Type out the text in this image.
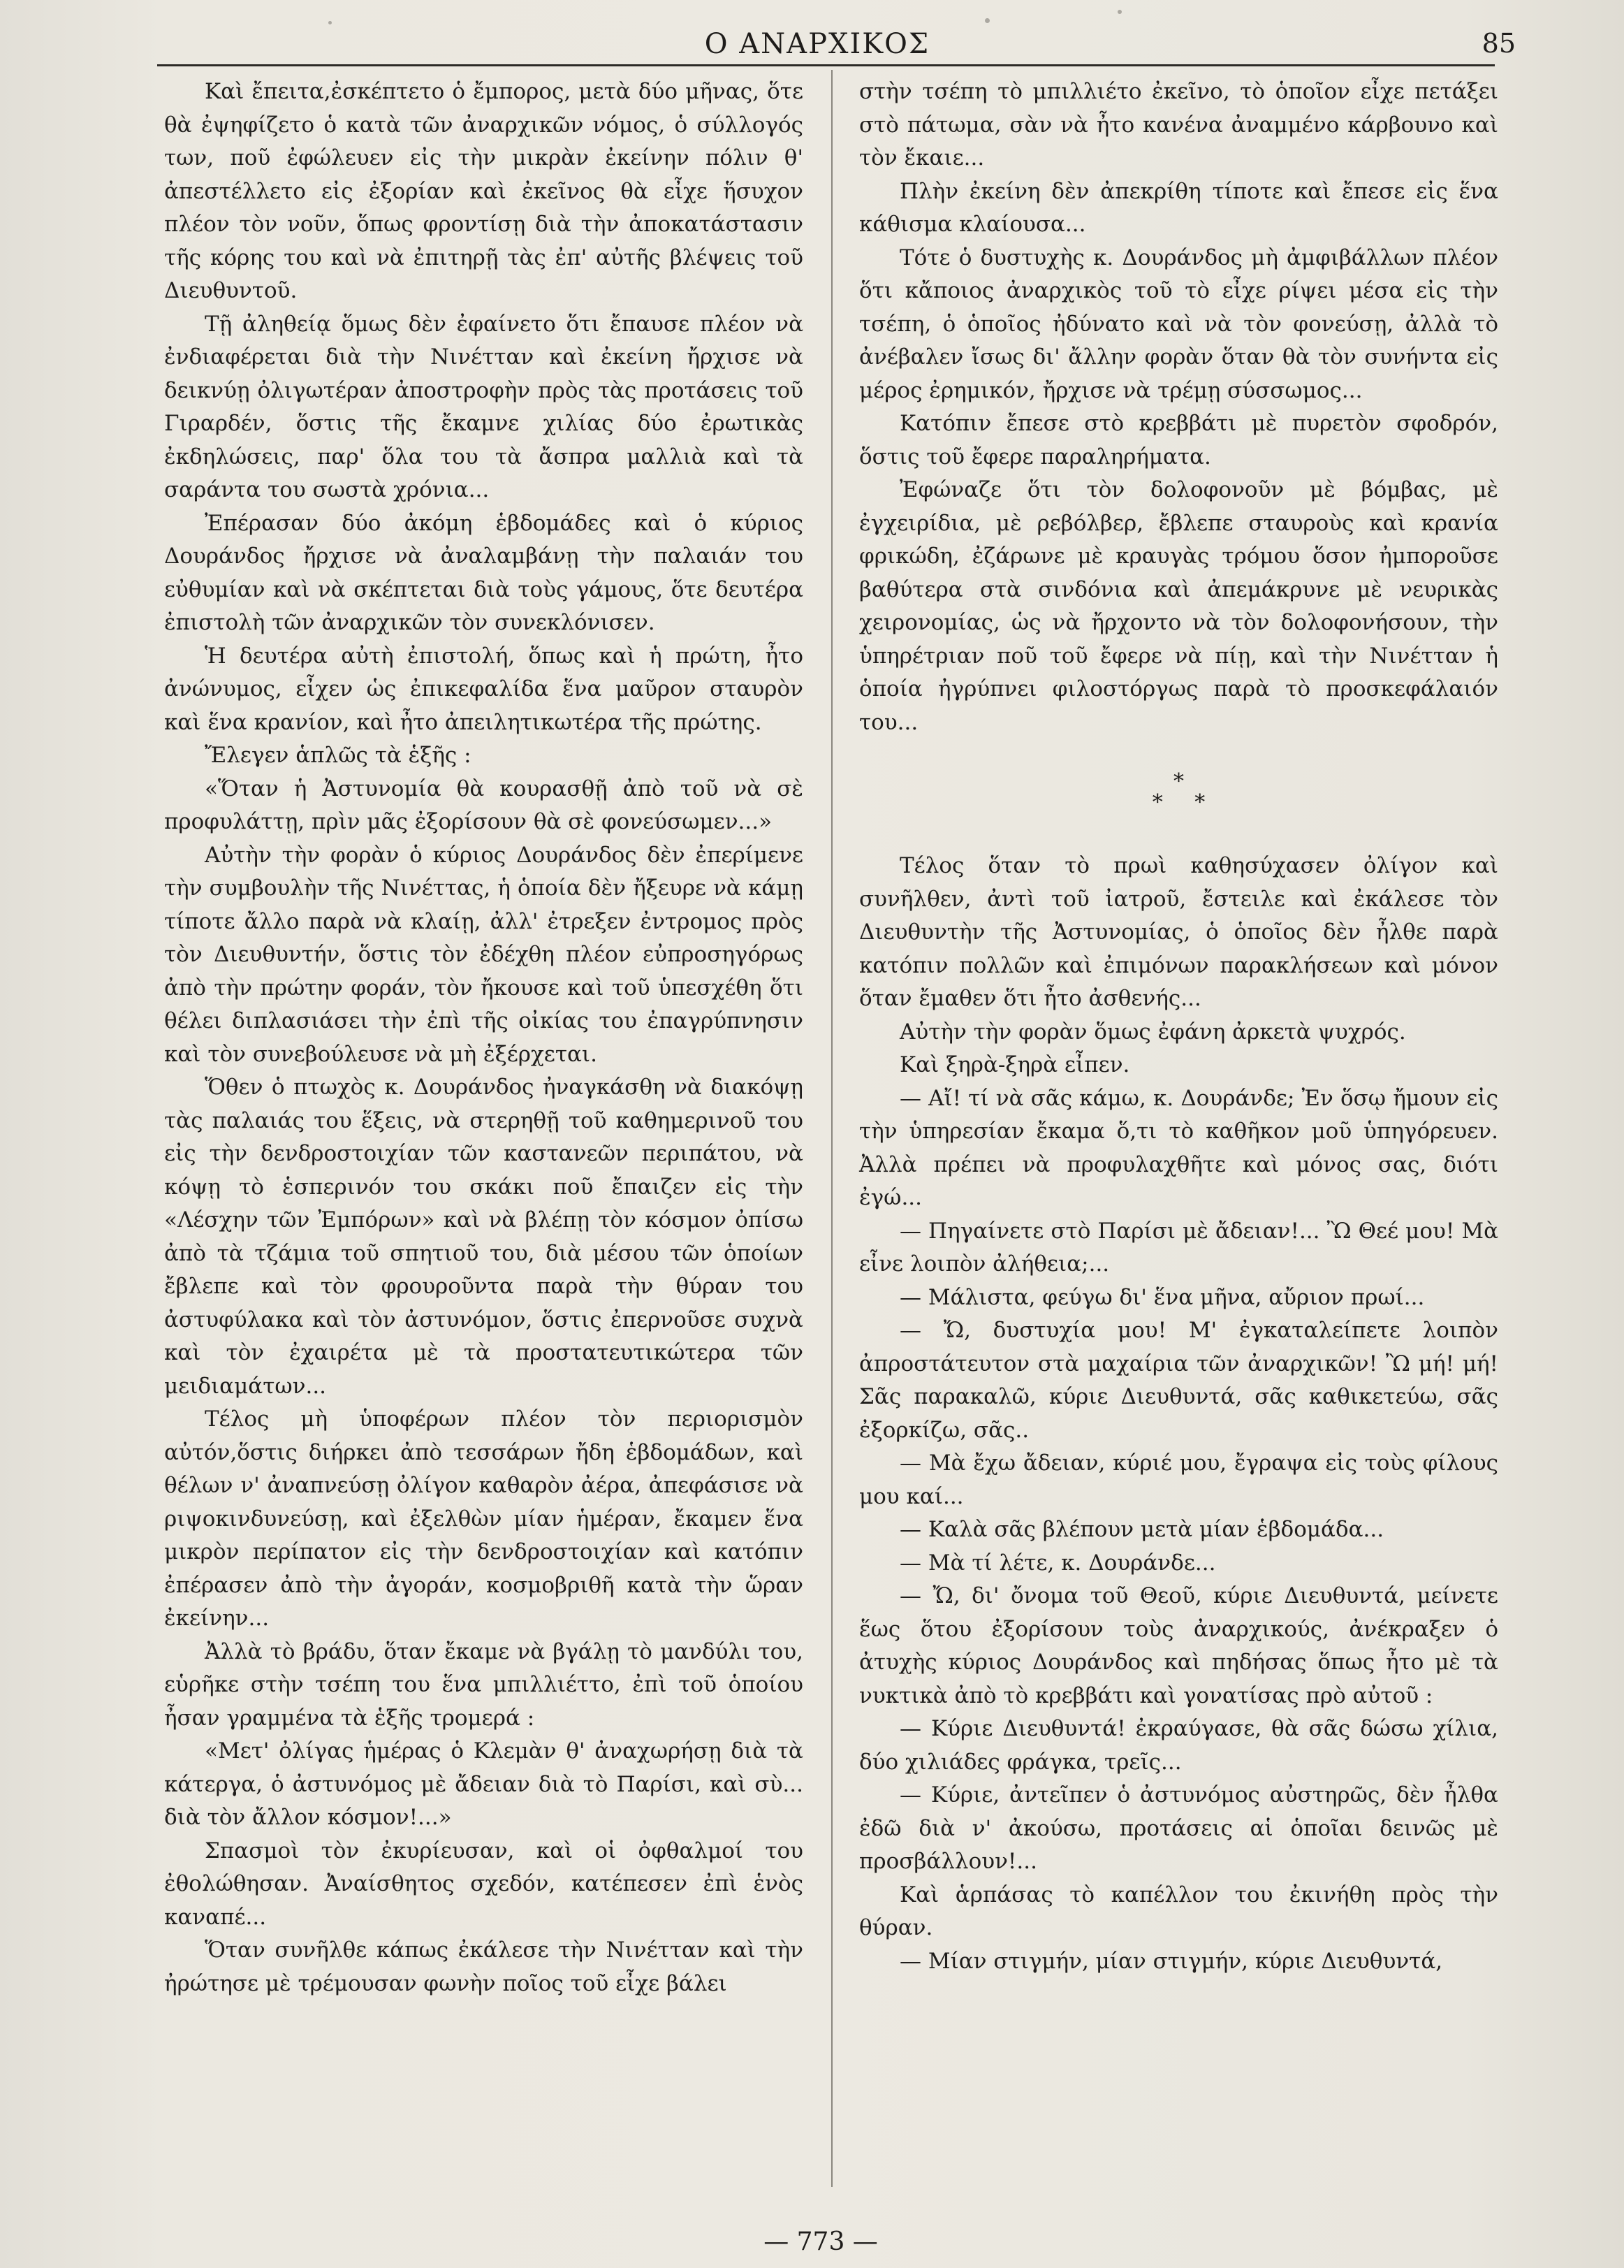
Ο ΑΝΑΡΧΙΚΟΣ	85

Καὶ ἔπειτα,ἐσκέπτετο ὁ ἔμπορος, μετὰ δύο μῆνας, ὅτε θὰ ἐψηφίζετο ὁ κατὰ τῶν ἀναρχικῶν νόμος, ὁ σύλλογός των, ποῦ ἐφώλευεν εἰς τὴν μικρὰν ἐκείνην πόλιν θ' ἀπεστέλλετο εἰς ἐξορίαν καὶ ἐκεῖνος θὰ εἶχε ἥσυχον πλέον τὸν νοῦν, ὅπως φροντίσῃ διὰ τὴν ἀποκατάστασιν τῆς κόρης του καὶ νὰ ἐπιτηρῇ τὰς ἐπ' αὐτῆς βλέψεις τοῦ Διευθυντοῦ.

Τῇ ἀληθείᾳ ὅμως δὲν ἐφαίνετο ὅτι ἔπαυσε πλέον νὰ ἐνδιαφέρεται διὰ τὴν Νινέτταν καὶ ἐκείνη ἤρχισε νὰ δεικνύῃ ὀλιγωτέραν ἀποστροφὴν πρὸς τὰς προτάσεις τοῦ Γιραρδέν, ὅστις τῆς ἔκαμνε χιλίας δύο ἐρωτικὰς ἐκδηλώσεις, παρ' ὅλα του τὰ ἄσπρα μαλλιὰ καὶ τὰ σαράντα του σωστὰ χρόνια...

Ἐπέρασαν δύο ἀκόμη ἑβδομάδες καὶ ὁ κύριος Δουράνδος ἤρχισε νὰ ἀναλαμβάνῃ τὴν παλαιάν του εὐθυμίαν καὶ νὰ σκέπτεται διὰ τοὺς γάμους, ὅτε δευτέρα ἐπιστολὴ τῶν ἀναρχικῶν τὸν συνεκλόνισεν.

Ἡ δευτέρα αὐτὴ ἐπιστολή, ὅπως καὶ ἡ πρώτη, ἦτο ἀνώνυμος, εἶχεν ὡς ἐπικεφαλίδα ἕνα μαῦρον σταυρὸν καὶ ἕνα κρανίον, καὶ ἦτο ἀπειλητικωτέρα τῆς πρώτης.

Ἔλεγεν ἁπλῶς τὰ ἑξῆς :

«Ὅταν ἡ Ἀστυνομία θὰ κουρασθῇ ἀπὸ τοῦ νὰ σὲ προφυλάττῃ, πρὶν μᾶς ἐξορίσουν θὰ σὲ φονεύσωμεν...»

Αὐτὴν τὴν φορὰν ὁ κύριος Δουράνδος δὲν ἐπερίμενε τὴν συμβουλὴν τῆς Νινέττας, ἡ ὁποία δὲν ἤξευρε νὰ κάμῃ τίποτε ἄλλο παρὰ νὰ κλαίῃ, ἀλλ' ἐτρεξεν ἐντρομος πρὸς τὸν Διευθυντήν, ὅστις τὸν ἐδέχθη πλέον εὐπροσηγόρως ἀπὸ τὴν πρώτην φοράν, τὸν ἤκουσε καὶ τοῦ ὑπεσχέθη ὅτι θέλει διπλασιάσει τὴν ἐπὶ τῆς οἰκίας του ἐπαγρύπνησιν καὶ τὸν συνεβούλευσε νὰ μὴ ἐξέρχεται.

Ὅθεν ὁ πτωχὸς κ. Δουράνδος ἠναγκάσθη νὰ διακόψῃ τὰς παλαιάς του ἕξεις, νὰ στερηθῇ τοῦ καθημερινοῦ του εἰς τὴν δενδροστοιχίαν τῶν καστανεῶν περιπάτου, νὰ κόψῃ τὸ ἑσπερινόν του σκάκι ποῦ ἔπαιζεν εἰς τὴν «Λέσχην τῶν Ἐμπόρων» καὶ νὰ βλέπῃ τὸν κόσμον ὀπίσω ἀπὸ τὰ τζάμια τοῦ σπητιοῦ του, διὰ μέσου τῶν ὁποίων ἔβλεπε καὶ τὸν φρουροῦντα παρὰ τὴν θύραν του ἀστυφύλακα καὶ τὸν ἀστυνόμον, ὅστις ἐπερνοῦσε συχνὰ καὶ τὸν ἐχαιρέτα μὲ τὰ προστατευτικώτερα τῶν μειδιαμάτων...

Τέλος μὴ ὑποφέρων πλέον τὸν περιορισμὸν αὐτόν,ὅστις διήρκει ἀπὸ τεσσάρων ἤδη ἑβδομάδων, καὶ θέλων ν' ἀναπνεύσῃ ὀλίγον καθαρὸν ἀέρα, ἀπεφάσισε νὰ ριψοκινδυνεύσῃ, καὶ ἐξελθὼν μίαν ἡμέραν, ἔκαμεν ἕνα μικρὸν περίπατον εἰς τὴν δενδροστοιχίαν καὶ κατόπιν ἐπέρασεν ἀπὸ τὴν ἀγοράν, κοσμοβριθῆ κατὰ τὴν ὥραν ἐκείνην...

Ἀλλὰ τὸ βράδυ, ὅταν ἔκαμε νὰ βγάλῃ τὸ μανδύλι του, εὑρῆκε στὴν τσέπη του ἕνα μπιλλιέττο, ἐπὶ τοῦ ὁποίου ἦσαν γραμμένα τὰ ἑξῆς τρομερά :

«Μετ' ὀλίγας ἡμέρας ὁ Κλεμὰν θ' ἀναχωρήσῃ διὰ τὰ κάτεργα, ὁ ἀστυνόμος μὲ ἄδειαν διὰ τὸ Παρίσι, καὶ σὺ... διὰ τὸν ἄλλον κόσμον!...»

Σπασμοὶ τὸν ἐκυρίευσαν, καὶ οἱ ὀφθαλμοί του ἐθολώθησαν. Ἀναίσθητος σχεδόν, κατέπεσεν ἐπὶ ἑνὸς καναπέ...

Ὅταν συνῆλθε κάπως ἐκάλεσε τὴν Νινέτταν καὶ τὴν ἠρώτησε μὲ τρέμουσαν φωνὴν ποῖος τοῦ εἶχε βάλει

στὴν τσέπη τὸ μπιλλιέτο ἐκεῖνο, τὸ ὁποῖον εἶχε πετάξει στὸ πάτωμα, σὰν νὰ ἦτο κανένα ἀναμμένο κάρβουνο καὶ τὸν ἔκαιε...

Πλὴν ἐκείνη δὲν ἀπεκρίθη τίποτε καὶ ἔπεσε εἰς ἕνα κάθισμα κλαίουσα...

Τότε ὁ δυστυχὴς κ. Δουράνδος μὴ ἀμφιβάλλων πλέον ὅτι κἄποιος ἀναρχικὸς τοῦ τὸ εἶχε ρίψει μέσα εἰς τὴν τσέπη, ὁ ὁποῖος ἠδύνατο καὶ νὰ τὸν φονεύσῃ, ἀλλὰ τὸ ἀνέβαλεν ἴσως δι' ἄλλην φορὰν ὅταν θὰ τὸν συνήντα εἰς μέρος ἐρημικόν, ἤρχισε νὰ τρέμῃ σύσσωμος...

Κατόπιν ἔπεσε στὸ κρεββάτι μὲ πυρετὸν σφοδρόν, ὅστις τοῦ ἔφερε παραληρήματα.

Ἐφώναζε ὅτι τὸν δολοφονοῦν μὲ βόμβας, μὲ ἐγχειρίδια, μὲ ρεβόλβερ, ἔβλεπε σταυροὺς καὶ κρανία φρικώδη, ἐζάρωνε μὲ κραυγὰς τρόμου ὅσον ἠμποροῦσε βαθύτερα στὰ σινδόνια καὶ ἀπεμάκρυνε μὲ νευρικὰς χειρονομίας, ὡς νὰ ἤρχοντο νὰ τὸν δολοφονήσουν, τὴν ὑπηρέτριαν ποῦ τοῦ ἔφερε νὰ πίῃ, καὶ τὴν Νινέτταν ἡ ὁποία ἠγρύπνει φιλοστόργως παρὰ τὸ προσκεφάλαιόν του...

*
* *

Τέλος ὅταν τὸ πρωὶ καθησύχασεν ὀλίγον καὶ συνῆλθεν, ἀντὶ τοῦ ἰατροῦ, ἔστειλε καὶ ἐκάλεσε τὸν Διευθυντὴν τῆς Ἀστυνομίας, ὁ ὁποῖος δὲν ἦλθε παρὰ κατόπιν πολλῶν καὶ ἐπιμόνων παρακλήσεων καὶ μόνον ὅταν ἔμαθεν ὅτι ἦτο ἀσθενής...

Αὐτὴν τὴν φορὰν ὅμως ἐφάνη ἀρκετὰ ψυχρός.

Καὶ ξηρὰ-ξηρὰ εἶπεν.

— Αἴ! τί νὰ σᾶς κάμω, κ. Δουράνδε; Ἐν ὅσῳ ἤμουν εἰς τὴν ὑπηρεσίαν ἔκαμα ὅ,τι τὸ καθῆκον μοῦ ὑπηγόρευεν. Ἀλλὰ πρέπει νὰ προφυλαχθῆτε καὶ μόνος σας, διότι ἐγώ...

— Πηγαίνετε στὸ Παρίσι μὲ ἄδειαν!... Ὢ Θεέ μου! Μὰ εἶνε λοιπὸν ἀλήθεια;...

— Μάλιστα, φεύγω δι' ἕνα μῆνα, αὔριον πρωί...

— Ὤ, δυστυχία μου! Μ' ἐγκαταλείπετε λοιπὸν ἀπροστάτευτον στὰ μαχαίρια τῶν ἀναρχικῶν! Ὢ μή! μή! Σᾶς παρακαλῶ, κύριε Διευθυντά, σᾶς καθικετεύω, σᾶς ἐξορκίζω, σᾶς..

— Μὰ ἔχω ἄδειαν, κύριέ μου, ἔγραψα εἰς τοὺς φίλους μου καί...

— Καλὰ σᾶς βλέπουν μετὰ μίαν ἑβδομάδα...

— Μὰ τί λέτε, κ. Δουράνδε...

— Ὤ, δι' ὄνομα τοῦ Θεοῦ, κύριε Διευθυντά, μείνετε ἕως ὅτου ἐξορίσουν τοὺς ἀναρχικούς, ἀνέκραξεν ὁ ἀτυχὴς κύριος Δουράνδος καὶ πηδήσας ὅπως ἦτο μὲ τὰ νυκτικὰ ἀπὸ τὸ κρεββάτι καὶ γονατίσας πρὸ αὐτοῦ :

— Κύριε Διευθυντά! ἐκραύγασε, θὰ σᾶς δώσω χίλια, δύο χιλιάδες φράγκα, τρεῖς...

— Κύριε, ἀντεῖπεν ὁ ἀστυνόμος αὐστηρῶς, δὲν ἦλθα ἐδῶ διὰ ν' ἀκούσω, προτάσεις αἱ ὁποῖαι δεινῶς μὲ προσβάλλουν!...

Καὶ ἁρπάσας τὸ καπέλλον του ἐκινήθη πρὸς τὴν θύραν.

— Μίαν στιγμήν, μίαν στιγμήν, κύριε Διευθυντά,

— 773 —
